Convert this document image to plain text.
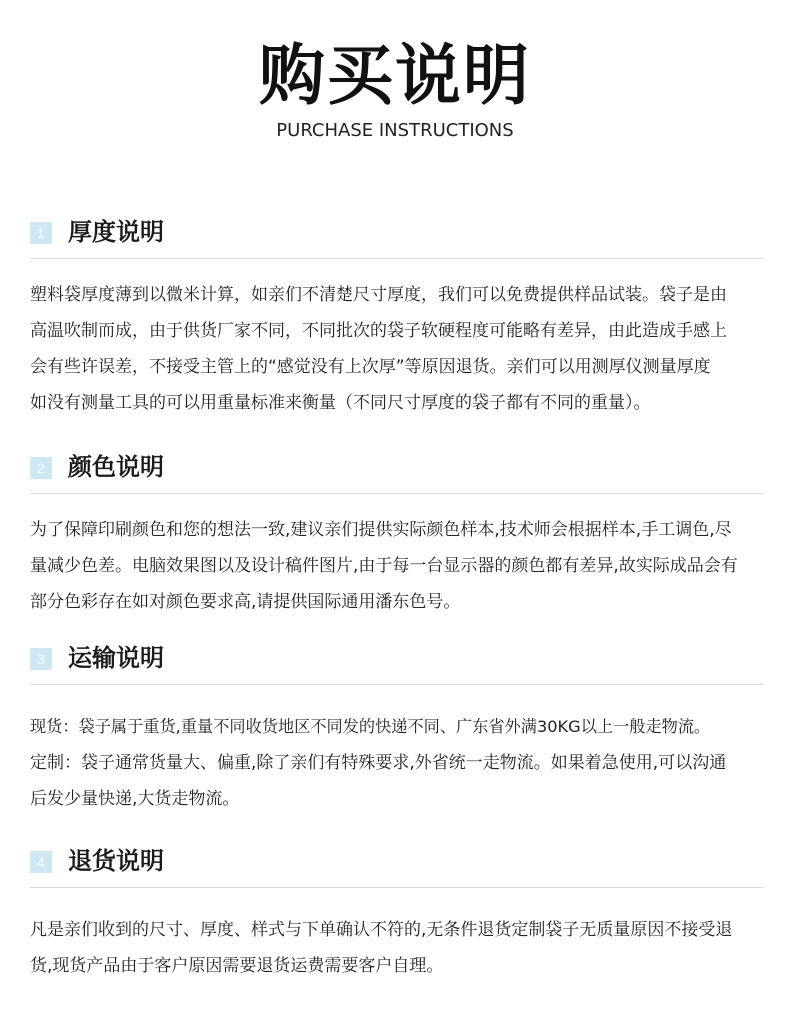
购买说明
PURCHASE INSTRUCTIONS
1 厚度说明

塑料袋厚度薄到以微米计算，如亲们不清楚尺寸厚度，我们可以免费提供样品试装。袋子是由

高温吹制而成，由于供货厂家不同，不同批次的袋子软硬程度可能略有差异，由此造成手感上

会有些许误差，不接受主管上的“感觉没有上次厚”等原因退货。亲们可以用测厚仪测量厚度

如没有测量工具的可以用重量标准来衡量（不同尺寸厚度的袋子都有不同的重量）。

2 颜色说明

为了保障印刷颜色和您的想法一致,建议亲们提供实际颜色样本,技术师会根据样本,手工调色,尽

量减少色差。电脑效果图以及设计稿件图片,由于每一台显示器的颜色都有差异,故实际成品会有

部分色彩存在如对颜色要求高,请提供国际通用潘东色号。

3 运输说明

现货：袋子属于重货,重量不同收货地区不同发的快递不同、广东省外满30KG以上一般走物流。

定制：袋子通常货量大、偏重,除了亲们有特殊要求,外省统一走物流。如果着急使用,可以沟通

后发少量快递,大货走物流。

4 退货说明

凡是亲们收到的尺寸、厚度、样式与下单确认不符的,无条件退货定制袋子无质量原因不接受退

货,现货产品由于客户原因需要退货运费需要客户自理。
